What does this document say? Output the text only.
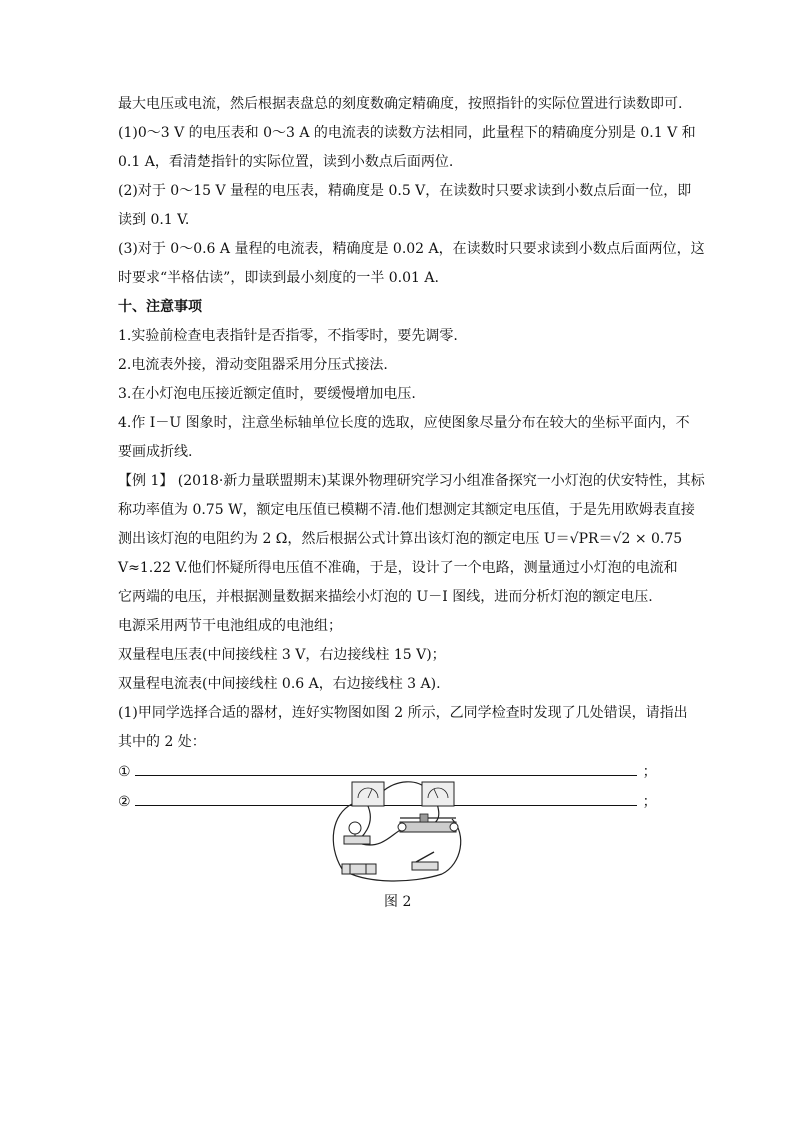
最大电压或电流，然后根据表盘总的刻度数确定精确度，按照指针的实际位置进行读数即可.
(1)0～3 V 的电压表和 0～3 A 的电流表的读数方法相同，此量程下的精确度分别是 0.1 V 和
0.1 A，看清楚指针的实际位置，读到小数点后面两位.
(2)对于 0～15 V 量程的电压表，精确度是 0.5 V，在读数时只要求读到小数点后面一位，即
读到 0.1 V.
(3)对于 0～0.6 A 量程的电流表，精确度是 0.02 A，在读数时只要求读到小数点后面两位，这
时要求“半格估读”，即读到最小刻度的一半 0.01 A.
十、注意事项
1.实验前检查电表指针是否指零，不指零时，要先调零.
2.电流表外接，滑动变阻器采用分压式接法.
3.在小灯泡电压接近额定值时，要缓慢增加电压.
4.作 I－U 图象时，注意坐标轴单位长度的选取，应使图象尽量分布在较大的坐标平面内，不
要画成折线.
【例 1】 (2018·新力量联盟期末)某课外物理研究学习小组准备探究一小灯泡的伏安特性，其标
称功率值为 0.75 W，额定电压值已模糊不清.他们想测定其额定电压值，于是先用欧姆表直接
测出该灯泡的电阻约为 2 Ω，然后根据公式计算出该灯泡的额定电压 U＝√PR＝√2 × 0.75
V≈1.22 V.他们怀疑所得电压值不准确，于是，设计了一个电路，测量通过小灯泡的电流和
它两端的电压，并根据测量数据来描绘小灯泡的 U－I 图线，进而分析灯泡的额定电压.
电源采用两节干电池组成的电池组；
双量程电压表(中间接线柱 3 V，右边接线柱 15 V)；
双量程电流表(中间接线柱 0.6 A，右边接线柱 3 A).
(1)甲同学选择合适的器材，连好实物图如图 2 所示，乙同学检查时发现了几处错误，请指出
其中的 2 处：
①	；
②	；
图 2
